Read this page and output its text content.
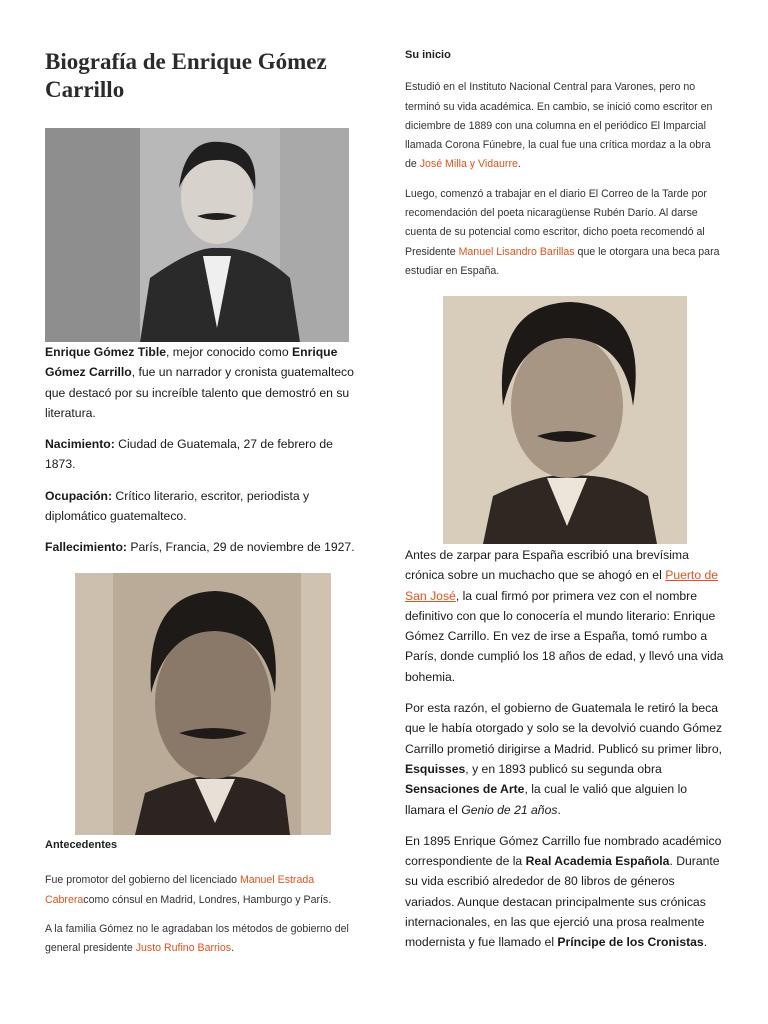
Biografía de Enrique Gómez Carrillo

Enrique Gómez Tible, mejor conocido como Enrique Gómez Carrillo, fue un narrador y cronista guatemalteco que destacó por su increíble talento que demostró en su literatura.

Nacimiento: Ciudad de Guatemala, 27 de febrero de 1873.

Ocupación: Crítico literario, escritor, periodista y diplomático guatemalteco.

Fallecimiento: París, Francia, 29 de noviembre de 1927.

Antecedentes

Fue promotor del gobierno del licenciado Manuel Estrada Cabreracomo cónsul en Madrid, Londres, Hamburgo y París.

A la familia Gómez no le agradaban los métodos de gobierno del general presidente Justo Rufino Barrios.

Su inicio

Estudió en el Instituto Nacional Central para Varones, pero no terminó su vida académica. En cambio, se inició como escritor en diciembre de 1889 con una columna en el periódico El Imparcial llamada Corona Fúnebre, la cual fue una crítica mordaz a la obra de José Milla y Vidaurre.

Luego, comenzó a trabajar en el diario El Correo de la Tarde por recomendación del poeta nicaragüense Rubén Darío. Al darse cuenta de su potencial como escritor, dicho poeta recomendó al Presidente Manuel Lisandro Barillas que le otorgara una beca para estudiar en España.

Antes de zarpar para España escribió una brevísima crónica sobre un muchacho que se ahogó en el Puerto de San José, la cual firmó por primera vez con el nombre definitivo con que lo conocería el mundo literario: Enrique Gómez Carrillo. En vez de irse a España, tomó rumbo a París, donde cumplió los 18 años de edad, y llevó una vida bohemia.

Por esta razón, el gobierno de Guatemala le retiró la beca que le había otorgado y solo se la devolvió cuando Gómez Carrillo prometió dirigirse a Madrid. Publicó su primer libro, Esquisses, y en 1893 publicó su segunda obra Sensaciones de Arte, la cual le valió que alguien lo llamara el Genio de 21 años.

En 1895 Enrique Gómez Carrillo fue nombrado académico correspondiente de la Real Academia Española. Durante su vida escribió alrededor de 80 libros de géneros variados. Aunque destacan principalmente sus crónicas internacionales, en las que ejerció una prosa realmente modernista y fue llamado el Príncipe de los Cronistas.
